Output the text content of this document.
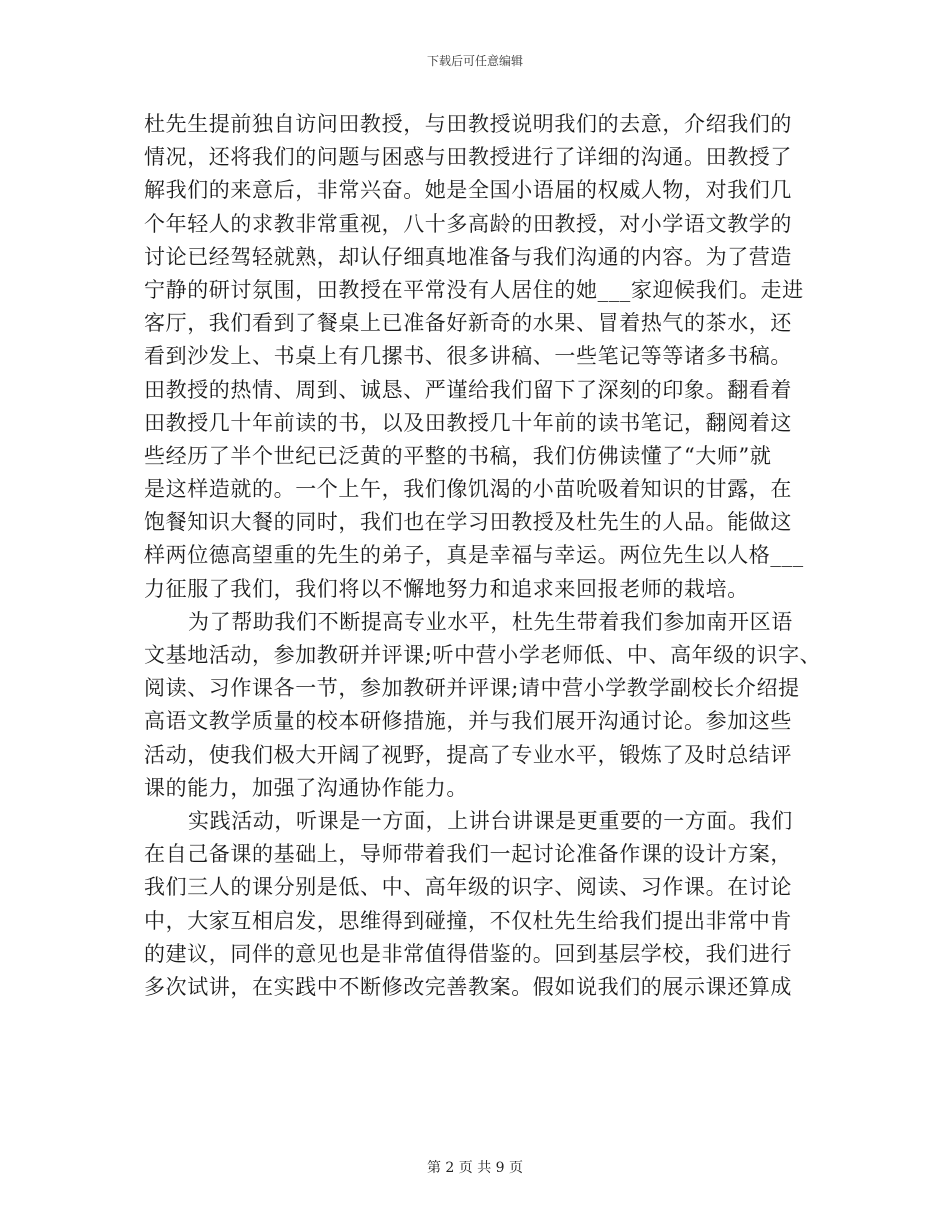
下载后可任意编辑
杜先生提前独自访问田教授，与田教授说明我们的去意，介绍我们的
情况，还将我们的问题与困惑与田教授进行了详细的沟通。田教授了
解我们的来意后，非常兴奋。她是全国小语届的权威人物，对我们几
个年轻人的求教非常重视，八十多高龄的田教授，对小学语文教学的
讨论已经驾轻就熟，却认仔细真地准备与我们沟通的内容。为了营造
宁静的研讨氛围，田教授在平常没有人居住的她___家迎候我们。走进
客厅，我们看到了餐桌上已准备好新奇的水果、冒着热气的茶水，还
看到沙发上、书桌上有几摞书、很多讲稿、一些笔记等等诸多书稿。
田教授的热情、周到、诚恳、严谨给我们留下了深刻的印象。翻看着
田教授几十年前读的书，以及田教授几十年前的读书笔记，翻阅着这
些经历了半个世纪已泛黄的平整的书稿，我们仿佛读懂了“大师”就
是这样造就的。一个上午，我们像饥渴的小苗吮吸着知识的甘露，在
饱餐知识大餐的同时，我们也在学习田教授及杜先生的人品。能做这
样两位德高望重的先生的弟子，真是幸福与幸运。两位先生以人格___
力征服了我们，我们将以不懈地努力和追求来回报老师的栽培。
为了帮助我们不断提高专业水平，杜先生带着我们参加南开区语
文基地活动，参加教研并评课;听中营小学老师低、中、高年级的识字、
阅读、习作课各一节，参加教研并评课;请中营小学教学副校长介绍提
高语文教学质量的校本研修措施，并与我们展开沟通讨论。参加这些
活动，使我们极大开阔了视野，提高了专业水平，锻炼了及时总结评
课的能力，加强了沟通协作能力。
实践活动，听课是一方面，上讲台讲课是更重要的一方面。我们
在自己备课的基础上，导师带着我们一起讨论准备作课的设计方案，
我们三人的课分别是低、中、高年级的识字、阅读、习作课。在讨论
中，大家互相启发，思维得到碰撞，不仅杜先生给我们提出非常中肯
的建议，同伴的意见也是非常值得借鉴的。回到基层学校，我们进行
多次试讲，在实践中不断修改完善教案。假如说我们的展示课还算成
第 2 页 共 9 页
